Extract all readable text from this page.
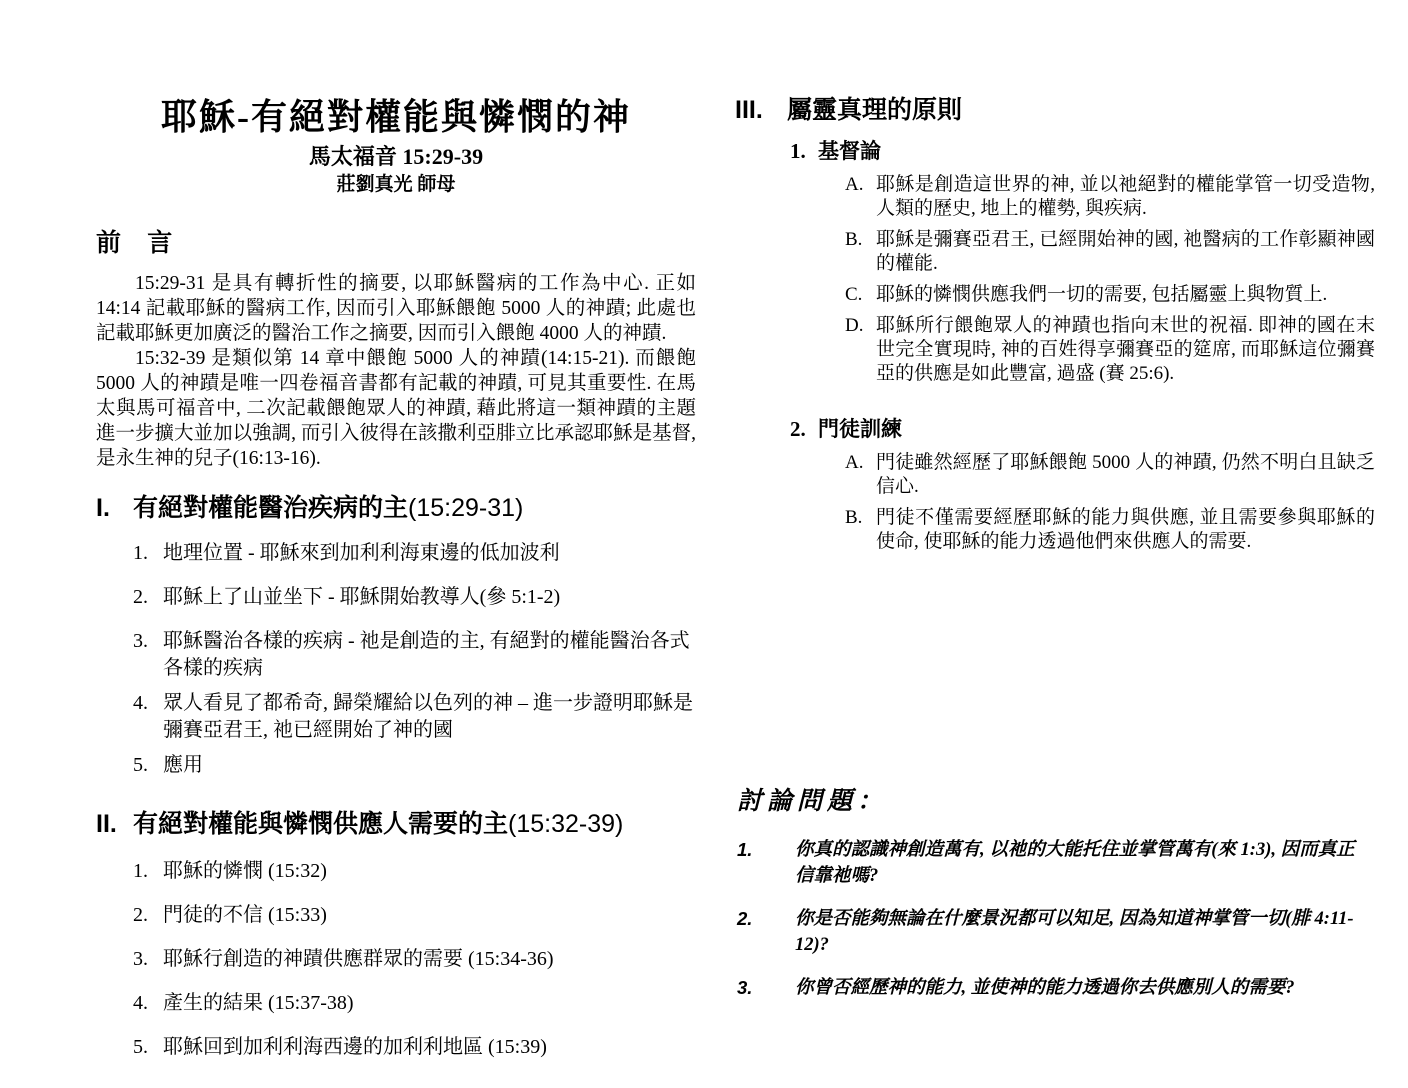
耶穌-有絕對權能與憐憫的神
馬太福音 15:29-39
莊劉真光 師母
前 言

15:29-31 是具有轉折性的摘要, 以耶穌醫病的工作為中心. 正如 14:14 記載耶穌的醫病工作, 因而引入耶穌餵飽 5000 人的神蹟; 此處也記載耶穌更加廣泛的醫治工作之摘要, 因而引入餵飽 4000 人的神蹟.

15:32-39 是類似第 14 章中餵飽 5000 人的神蹟(14:15-21). 而餵飽 5000 人的神蹟是唯一四卷福音書都有記載的神蹟, 可見其重要性. 在馬太與馬可福音中, 二次記載餵飽眾人的神蹟, 藉此將這一類神蹟的主題進一步擴大並加以強調, 而引入彼得在該撒利亞腓立比承認耶穌是基督, 是永生神的兒子(16:13-16).

I. 有絕對權能醫治疾病的主(15:29-31)
1. 地理位置 - 耶穌來到加利利海東邊的低加波利
2. 耶穌上了山並坐下 - 耶穌開始教導人(參 5:1-2)
3. 耶穌醫治各樣的疾病 - 祂是創造的主, 有絕對的權能醫治各式各樣的疾病
4. 眾人看見了都希奇, 歸榮耀給以色列的神 – 進一步證明耶穌是彌賽亞君王, 祂已經開始了神的國
5. 應用
II. 有絕對權能與憐憫供應人需要的主(15:32-39)
1. 耶穌的憐憫 (15:32)
2. 門徒的不信 (15:33)
3. 耶穌行創造的神蹟供應群眾的需要 (15:34-36)
4. 產生的結果 (15:37-38)
5. 耶穌回到加利利海西邊的加利利地區 (15:39)
III. 屬靈真理的原則
1. 基督論
A. 耶穌是創造這世界的神, 並以祂絕對的權能掌管一切受造物, 人類的歷史, 地上的權勢, 與疾病.
B. 耶穌是彌賽亞君王, 已經開始神的國, 祂醫病的工作彰顯神國的權能.
C. 耶穌的憐憫供應我們一切的需要, 包括屬靈上與物質上.
D. 耶穌所行餵飽眾人的神蹟也指向末世的祝福. 即神的國在末世完全實現時, 神的百姓得享彌賽亞的筵席, 而耶穌這位彌賽亞的供應是如此豐富, 過盛 (賽 25:6).
2. 門徒訓練
A. 門徒雖然經歷了耶穌餵飽 5000 人的神蹟, 仍然不明白且缺乏信心.
B. 門徒不僅需要經歷耶穌的能力與供應, 並且需要參與耶穌的使命, 使耶穌的能力透過他們來供應人的需要.
討論問題：
1.	你真的認識神創造萬有, 以祂的大能托住並掌管萬有(來 1:3), 因而真正信靠祂嗎?
2.	你是否能夠無論在什麼景況都可以知足, 因為知道神掌管一切(腓 4:11-12)?
3.	你曾否經歷神的能力, 並使神的能力透過你去供應別人的需要?
